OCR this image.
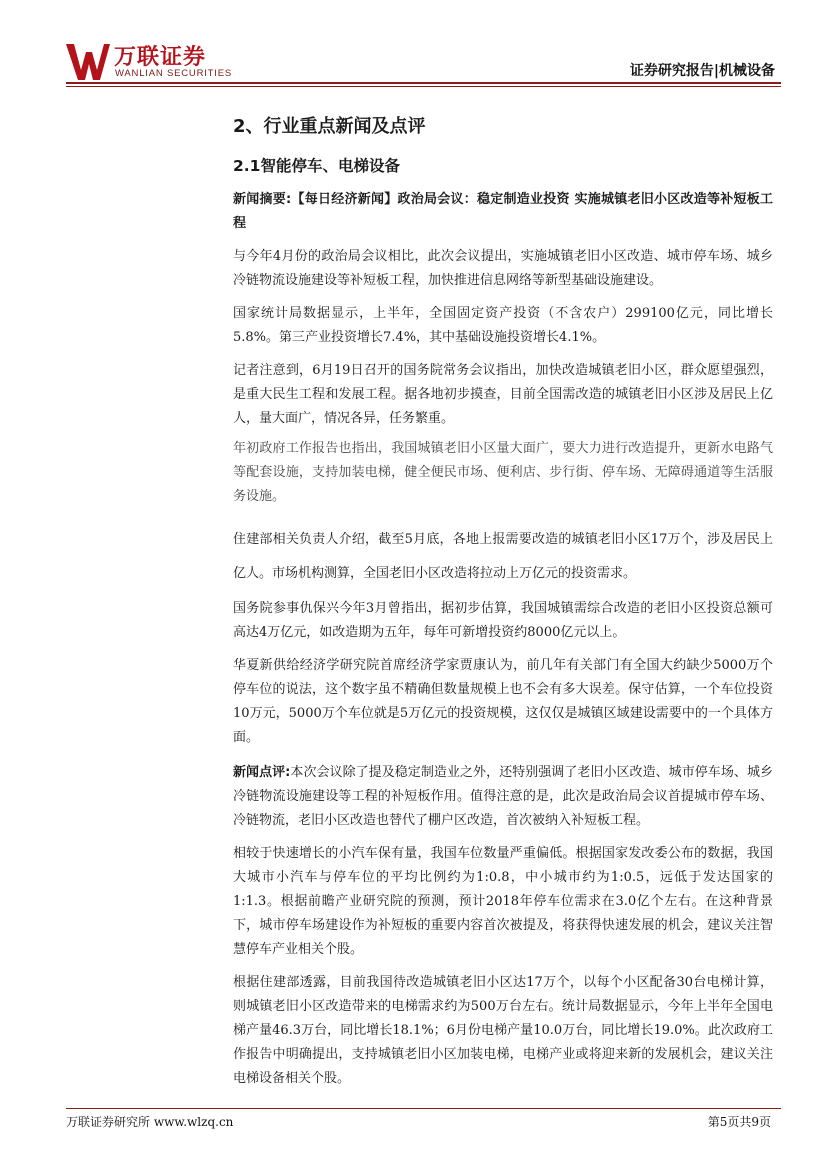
万联证券
WANLIAN SECURITIES	证券研究报告|机械设备
2、行业重点新闻及点评
2.1智能停车、电梯设备

新闻摘要:【每日经济新闻】政治局会议：稳定制造业投资 实施城镇老旧小区改造等补短板工程

与今年4月份的政治局会议相比，此次会议提出，实施城镇老旧小区改造、城市停车场、城乡冷链物流设施建设等补短板工程，加快推进信息网络等新型基础设施建设。

国家统计局数据显示，上半年，全国固定资产投资（不含农户）299100亿元，同比增长5.8%。第三产业投资增长7.4%，其中基础设施投资增长4.1%。

记者注意到，6月19日召开的国务院常务会议指出，加快改造城镇老旧小区，群众愿望强烈，是重大民生工程和发展工程。据各地初步摸查，目前全国需改造的城镇老旧小区涉及居民上亿人，量大面广，情况各异，任务繁重。

年初政府工作报告也指出，我国城镇老旧小区量大面广，要大力进行改造提升，更新水电路气等配套设施，支持加装电梯，健全便民市场、便利店、步行街、停车场、无障碍通道等生活服务设施。

住建部相关负责人介绍，截至5月底，各地上报需要改造的城镇老旧小区17万个，涉及居民上亿人。市场机构测算，全国老旧小区改造将拉动上万亿元的投资需求。

国务院参事仇保兴今年3月曾指出，据初步估算，我国城镇需综合改造的老旧小区投资总额可高达4万亿元，如改造期为五年，每年可新增投资约8000亿元以上。

华夏新供给经济学研究院首席经济学家贾康认为，前几年有关部门有全国大约缺少5000万个停车位的说法，这个数字虽不精确但数量规模上也不会有多大误差。保守估算，一个车位投资10万元，5000万个车位就是5万亿元的投资规模，这仅仅是城镇区域建设需要中的一个具体方面。

新闻点评:本次会议除了提及稳定制造业之外，还特别强调了老旧小区改造、城市停车场、城乡冷链物流设施建设等工程的补短板作用。值得注意的是，此次是政治局会议首提城市停车场、冷链物流，老旧小区改造也替代了棚户区改造，首次被纳入补短板工程。

相较于快速增长的小汽车保有量，我国车位数量严重偏低。根据国家发改委公布的数据，我国大城市小汽车与停车位的平均比例约为1:0.8，中小城市约为1:0.5，远低于发达国家的1:1.3。根据前瞻产业研究院的预测，预计2018年停车位需求在3.0亿个左右。在这种背景下，城市停车场建设作为补短板的重要内容首次被提及，将获得快速发展的机会，建议关注智慧停车产业相关个股。

根据住建部透露，目前我国待改造城镇老旧小区达17万个，以每个小区配备30台电梯计算，则城镇老旧小区改造带来的电梯需求约为500万台左右。统计局数据显示，今年上半年全国电梯产量46.3万台，同比增长18.1%；6月份电梯产量10.0万台，同比增长19.0%。此次政府工作报告中明确提出，支持城镇老旧小区加装电梯，电梯产业或将迎来新的发展机会，建议关注电梯设备相关个股。

万联证券研究所 www.wlzq.cn	第5页共9页
